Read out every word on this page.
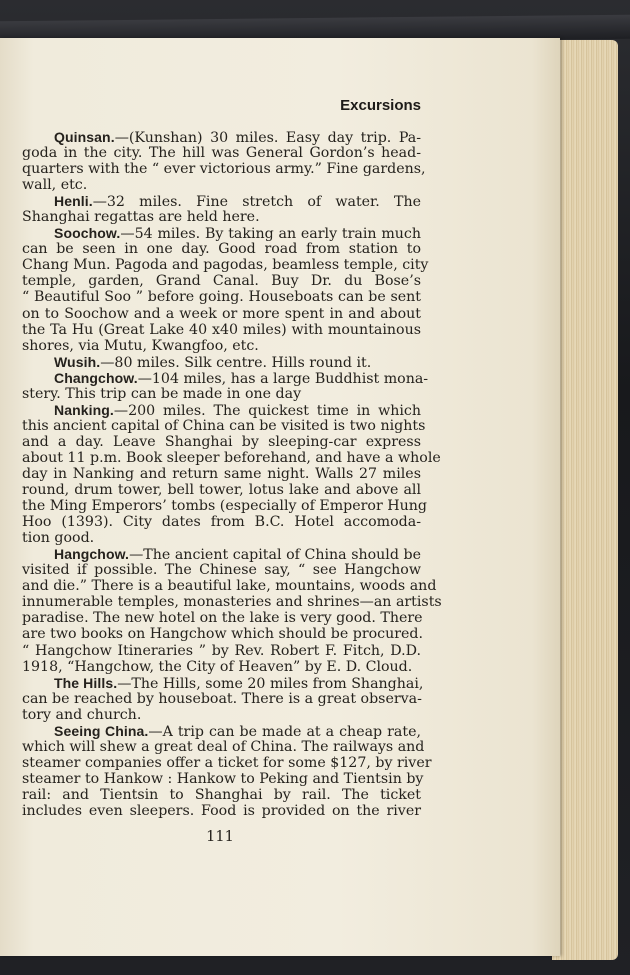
Excursions
Quinsan.—(Kunshan) 30 miles. Easy day trip. Pa-
goda in the city. The hill was General Gordon’s head-
quarters with the “ ever victorious army.” Fine gardens,
wall, etc.
Henli.—32 miles. Fine stretch of water. The
Shanghai regattas are held here.
Soochow.—54 miles. By taking an early train much
can be seen in one day. Good road from station to
Chang Mun. Pagoda and pagodas, beamless temple, city
temple, garden, Grand Canal. Buy Dr. du Bose’s
“ Beautiful Soo ” before going. Houseboats can be sent
on to Soochow and a week or more spent in and about
the Ta Hu (Great Lake 40 x40 miles) with mountainous
shores, via Mutu, Kwangfoo, etc.
Wusih.—80 miles. Silk centre. Hills round it.
Changchow.—104 miles, has a large Buddhist mona-
stery. This trip can be made in one day
Nanking.—200 miles. The quickest time in which
this ancient capital of China can be visited is two nights
and a day. Leave Shanghai by sleeping-car express
about 11 p.m. Book sleeper beforehand, and have a whole
day in Nanking and return same night. Walls 27 miles
round, drum tower, bell tower, lotus lake and above all
the Ming Emperors’ tombs (especially of Emperor Hung
Hoo (1393). City dates from B.C. Hotel accomoda-
tion good.
Hangchow.—The ancient capital of China should be
visited if possible. The Chinese say, “ see Hangchow
and die.” There is a beautiful lake, mountains, woods and
innumerable temples, monasteries and shrines—an artists
paradise. The new hotel on the lake is very good. There
are two books on Hangchow which should be procured.
“ Hangchow Itineraries ” by Rev. Robert F. Fitch, D.D.
1918, “Hangchow, the City of Heaven” by E. D. Cloud.
The Hills.—The Hills, some 20 miles from Shanghai,
can be reached by houseboat. There is a great observa-
tory and church.
Seeing China.—A trip can be made at a cheap rate,
which will shew a great deal of China. The railways and
steamer companies offer a ticket for some $127, by river
steamer to Hankow : Hankow to Peking and Tientsin by
rail: and Tientsin to Shanghai by rail. The ticket
includes even sleepers. Food is provided on the river
111
